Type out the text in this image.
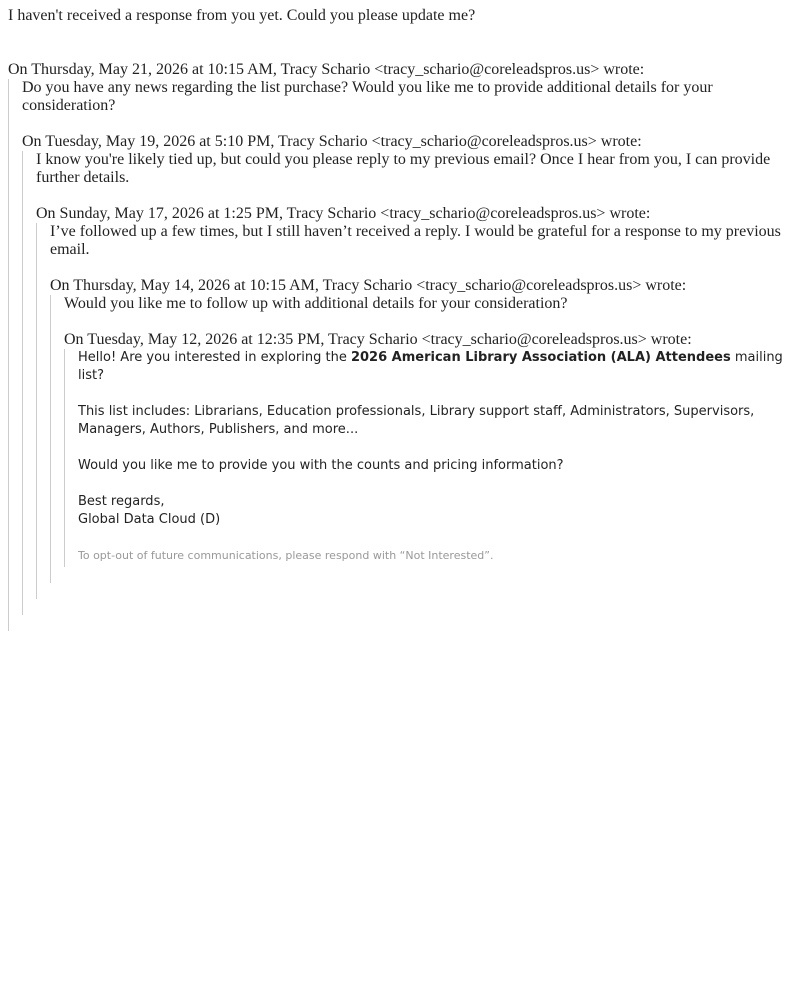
I haven't received a response from you yet. Could you please update me?

On Thursday, May 21, 2026 at 10:15 AM, Tracy Schario <tracy_schario@coreleadspros.us> wrote:

Do you have any news regarding the list purchase? Would you like me to provide additional details for your consideration?

On Tuesday, May 19, 2026 at 5:10 PM, Tracy Schario <tracy_schario@coreleadspros.us> wrote:

I know you're likely tied up, but could you please reply to my previous email? Once I hear from you, I can provide further details.

On Sunday, May 17, 2026 at 1:25 PM, Tracy Schario <tracy_schario@coreleadspros.us> wrote:

I’ve followed up a few times, but I still haven’t received a reply. I would be grateful for a response to my previous email.

On Thursday, May 14, 2026 at 10:15 AM, Tracy Schario <tracy_schario@coreleadspros.us> wrote:

Would you like me to follow up with additional details for your consideration?

On Tuesday, May 12, 2026 at 12:35 PM, Tracy Schario <tracy_schario@coreleadspros.us> wrote:

Hello! Are you interested in exploring the 2026 American Library Association (ALA) Attendees mailing list?

This list includes: Librarians, Education professionals, Library support staff, Administrators, Supervisors, Managers, Authors, Publishers, and more...

Would you like me to provide you with the counts and pricing information?

Best regards,

Global Data Cloud (D)

To opt-out of future communications, please respond with “Not Interested”.
